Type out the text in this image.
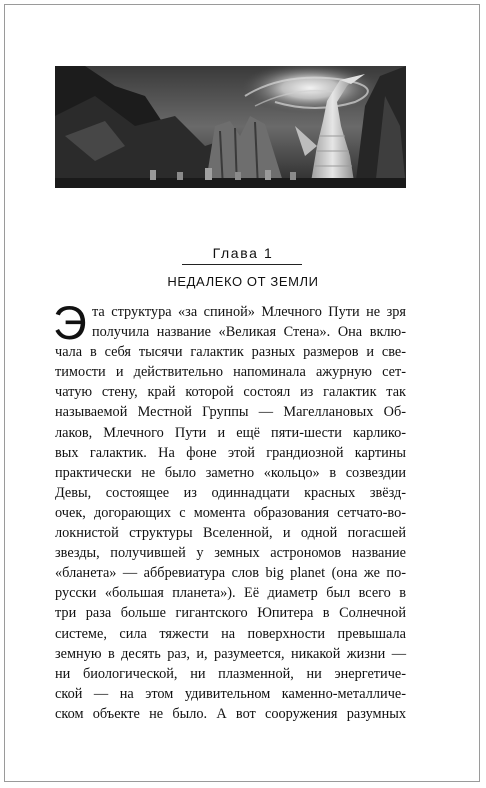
Глава 1
НЕДАЛЕКО ОТ ЗЕМЛИ
Э та структура «за спиной» Млечного Пути не зря
получила название «Великая Стена». Она вклю-
чала в себя тысячи галактик разных размеров и све-
тимости и действительно напоминала ажурную сет-
чатую стену, край которой состоял из галактик так
называемой Местной Группы — Магеллановых Об-
лаков, Млечного Пути и ещё пяти-шести карлико-
вых галактик. На фоне этой грандиозной картины
практически не было заметно «кольцо» в созвездии
Девы, состоящее из одиннадцати красных звёзд-
очек, догорающих с момента образования сетчато-во-
локнистой структуры Вселенной, и одной погасшей
звезды, получившей у земных астрономов название
«бланета» — аббревиатура слов big planet (она же по-
русски «большая планета»). Её диаметр был всего в
три раза больше гигантского Юпитера в Солнечной
системе, сила тяжести на поверхности превышала
земную в десять раз, и, разумеется, никакой жизни —
ни биологической, ни плазменной, ни энергетиче-
ской — на этом удивительном каменно-металличе-
ском объекте не было. А вот сооружения разумных
